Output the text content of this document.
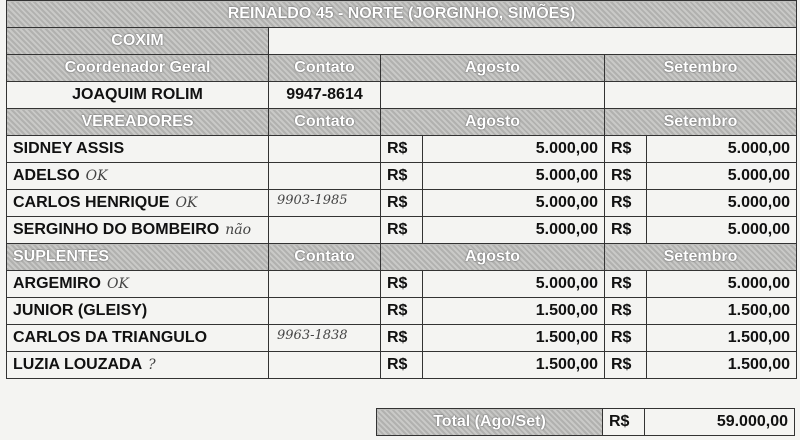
REINALDO 45 - NORTE (JORGINHO, SIMÕES)					
COXIM					
Coordenador Geral	Contato	Agosto		Setembro	
JOAQUIM ROLIM	9947-8614				
VEREADORES	Contato	Agosto		Setembro	
SIDNEY ASSIS		R$	5.000,00	R$	5.000,00
ADELSO OK		R$	5.000,00	R$	5.000,00
CARLOS HENRIQUE OK	9903-1985	R$	5.000,00	R$	5.000,00
SERGINHO DO BOMBEIRO não		R$	5.000,00	R$	5.000,00
SUPLENTES	Contato	Agosto		Setembro	
ARGEMIRO OK		R$	5.000,00	R$	5.000,00
JUNIOR (GLEISY)		R$	1.500,00	R$	1.500,00
CARLOS DA TRIANGULO	9963-1838	R$	1.500,00	R$	1.500,00
LUZIA LOUZADA ?		R$	1.500,00	R$	1.500,00
Total (Ago/Set)	R$	59.000,00
